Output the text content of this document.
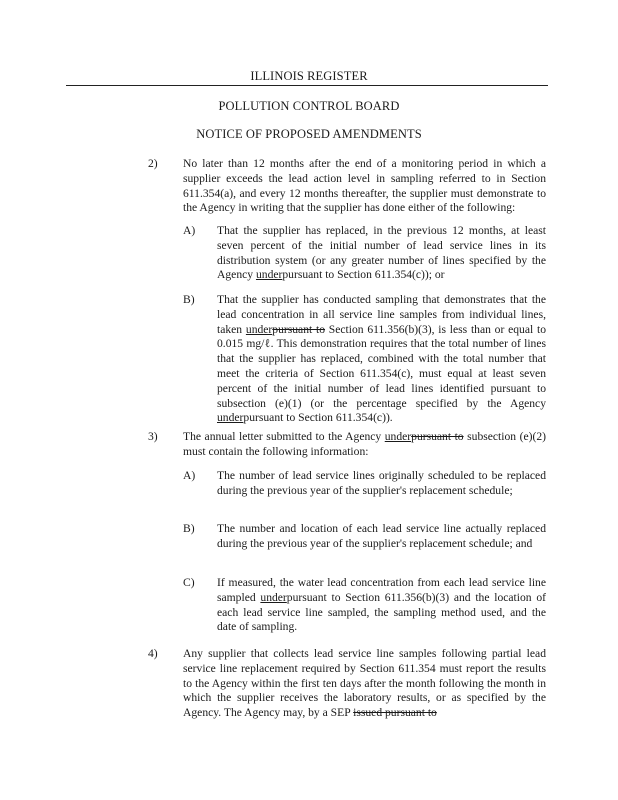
ILLINOIS REGISTER
POLLUTION CONTROL BOARD
NOTICE OF PROPOSED AMENDMENTS
2) No later than 12 months after the end of a monitoring period in which a supplier exceeds the lead action level in sampling referred to in Section 611.354(a), and every 12 months thereafter, the supplier must demonstrate to the Agency in writing that the supplier has done either of the following:
A) That the supplier has replaced, in the previous 12 months, at least seven percent of the initial number of lead service lines in its distribution system (or any greater number of lines specified by the Agency underpursuant to Section 611.354(c)); or
B) That the supplier has conducted sampling that demonstrates that the lead concentration in all service line samples from individual lines, taken underpursuant to Section 611.356(b)(3), is less than or equal to 0.015 mg/ℓ. This demonstration requires that the total number of lines that the supplier has replaced, combined with the total number that meet the criteria of Section 611.354(c), must equal at least seven percent of the initial number of lead lines identified pursuant to subsection (e)(1) (or the percentage specified by the Agency underpursuant to Section 611.354(c)).
3) The annual letter submitted to the Agency underpursuant to subsection (e)(2) must contain the following information:
A) The number of lead service lines originally scheduled to be replaced during the previous year of the supplier's replacement schedule;
B) The number and location of each lead service line actually replaced during the previous year of the supplier's replacement schedule; and
C) If measured, the water lead concentration from each lead service line sampled underpursuant to Section 611.356(b)(3) and the location of each lead service line sampled, the sampling method used, and the date of sampling.
4) Any supplier that collects lead service line samples following partial lead service line replacement required by Section 611.354 must report the results to the Agency within the first ten days after the month following the month in which the supplier receives the laboratory results, or as specified by the Agency. The Agency may, by a SEP issued pursuant to
